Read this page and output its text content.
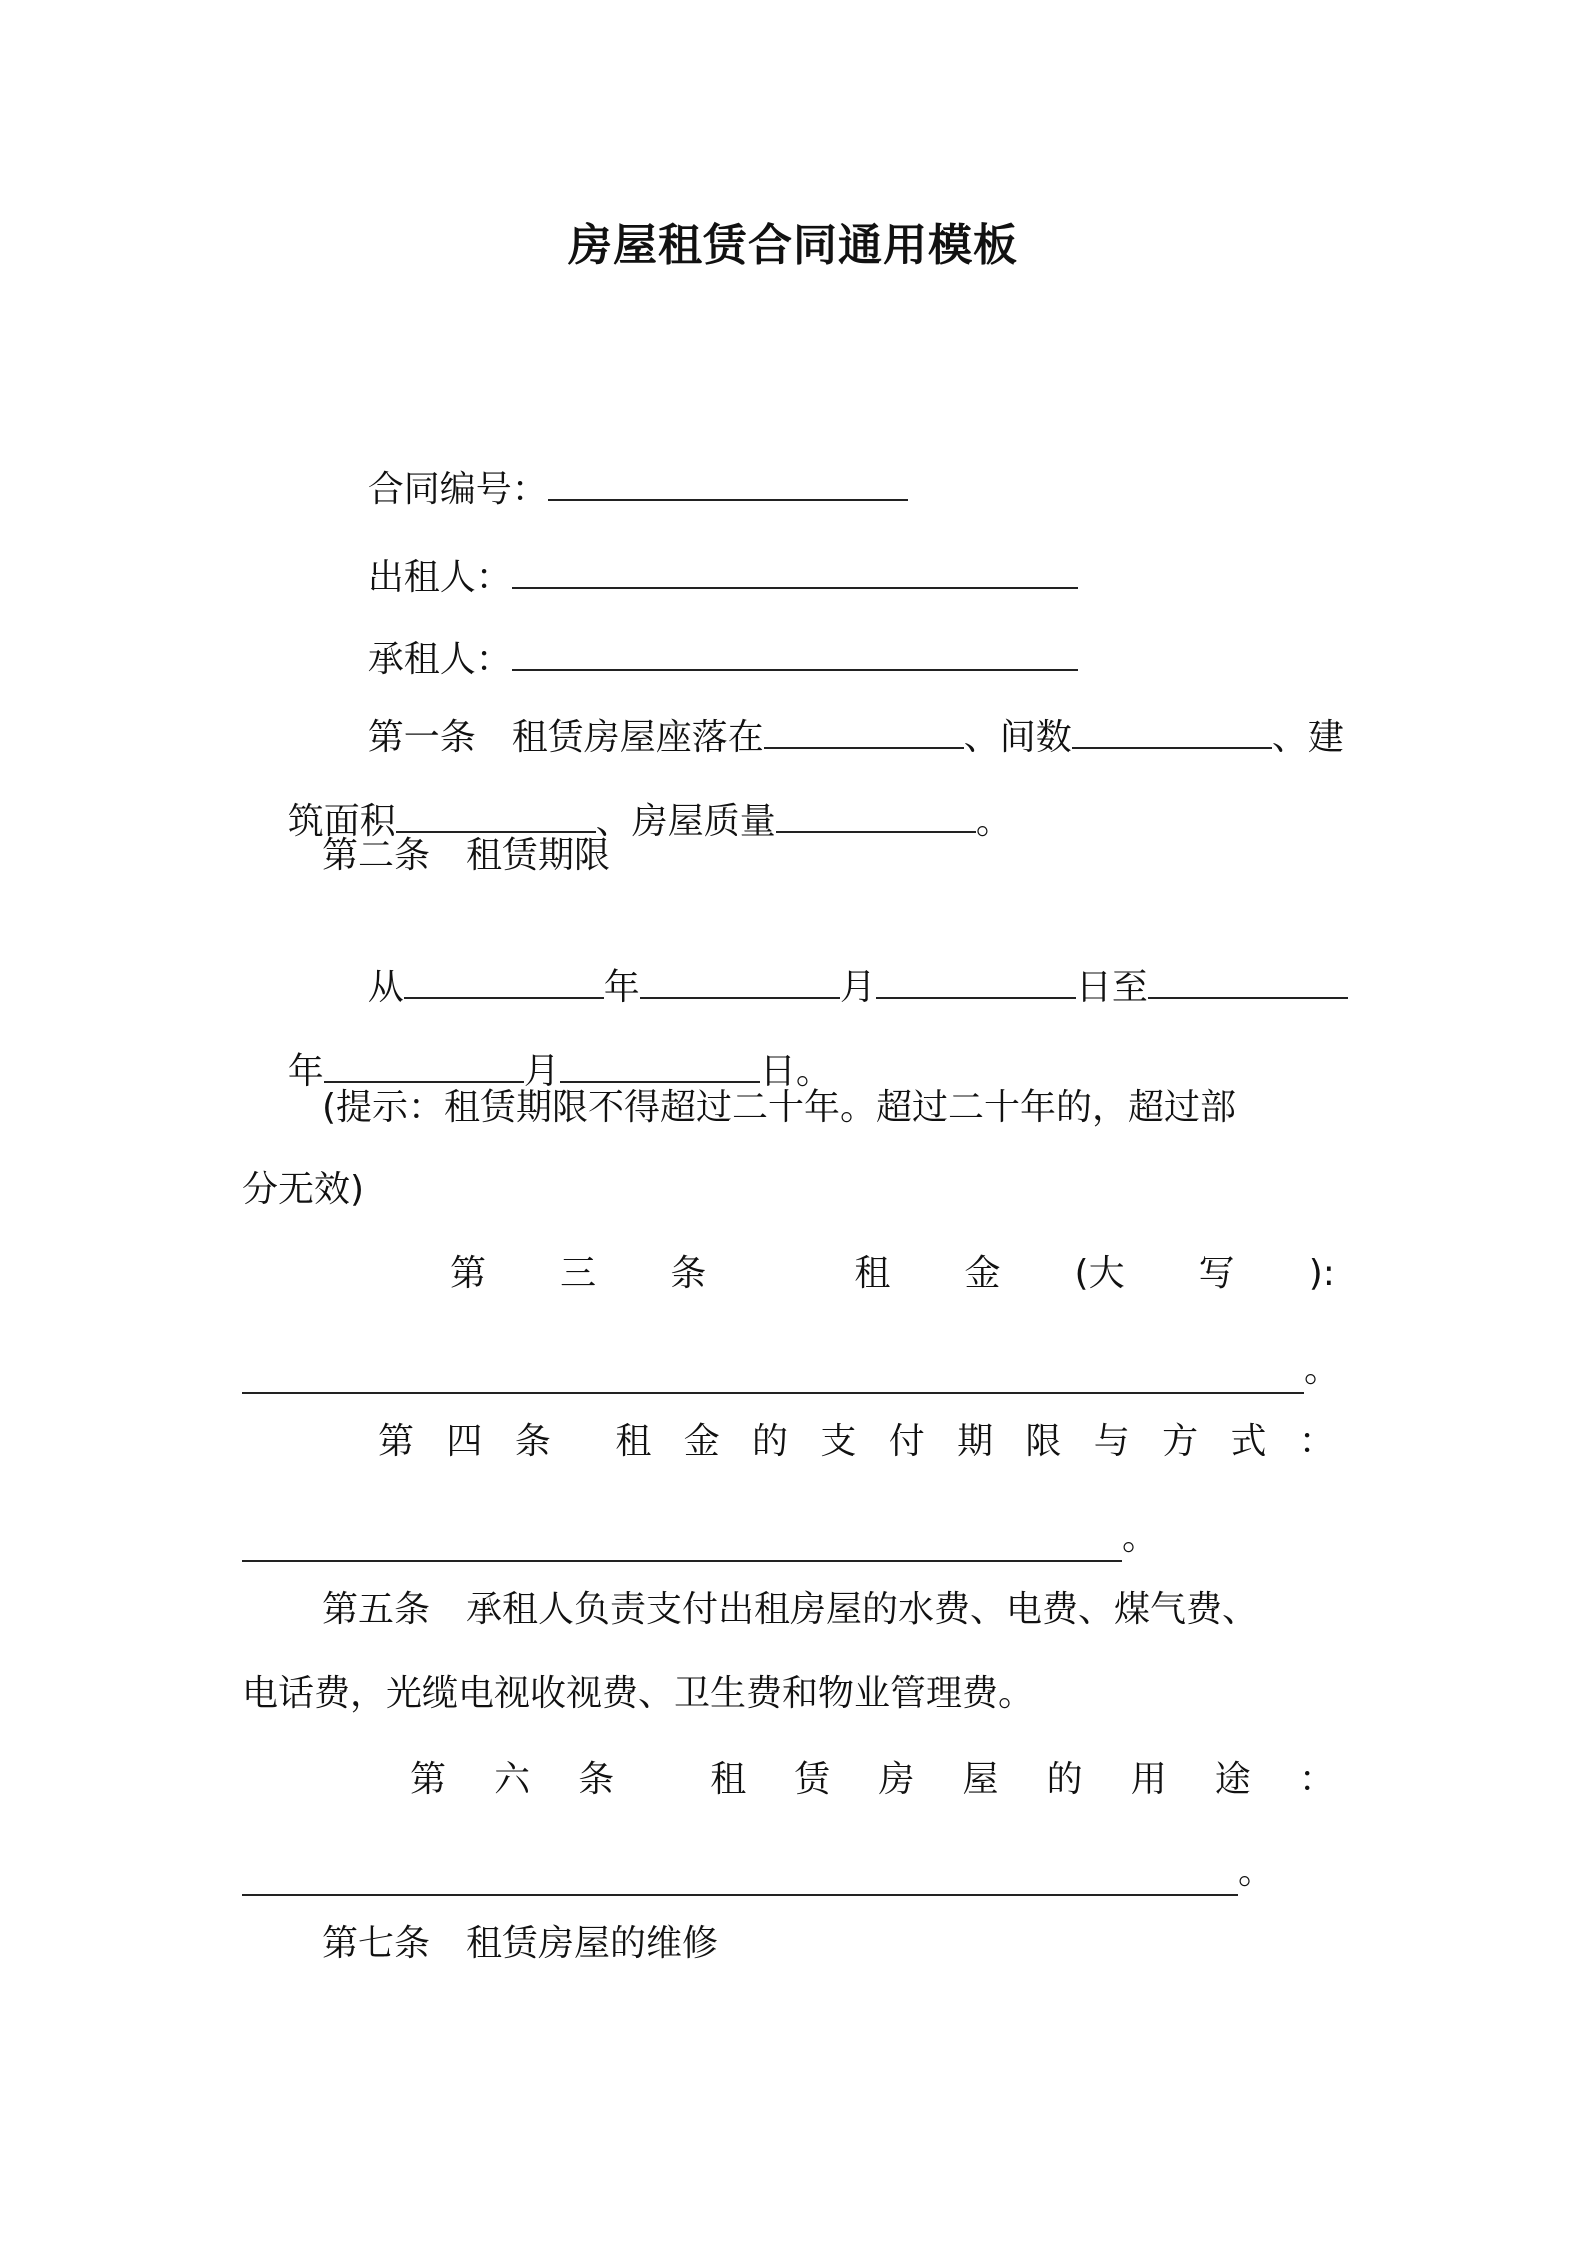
房屋租赁合同通用模板

合同编号：

出租人：

承租人：

第一条　租赁房屋座落在	、间数	、建

筑面积	、房屋质量	。

第二条　租赁期限

从	年	月	日至

年	月	日。

(提示：租赁期限不得超过二十年。超过二十年的，超过部
分无效)
第 三 条	租 金 (大 写 ):
。
第 四 条 租 金 的 支 付 期 限 与 方 式 ：
。
第五条　承租人负责支付出租房屋的水费、电费、煤气费、
电话费，光缆电视收视费、卫生费和物业管理费。
第 六 条	租 赁 房 屋 的 用 途 ：
。
第七条　租赁房屋的维修
